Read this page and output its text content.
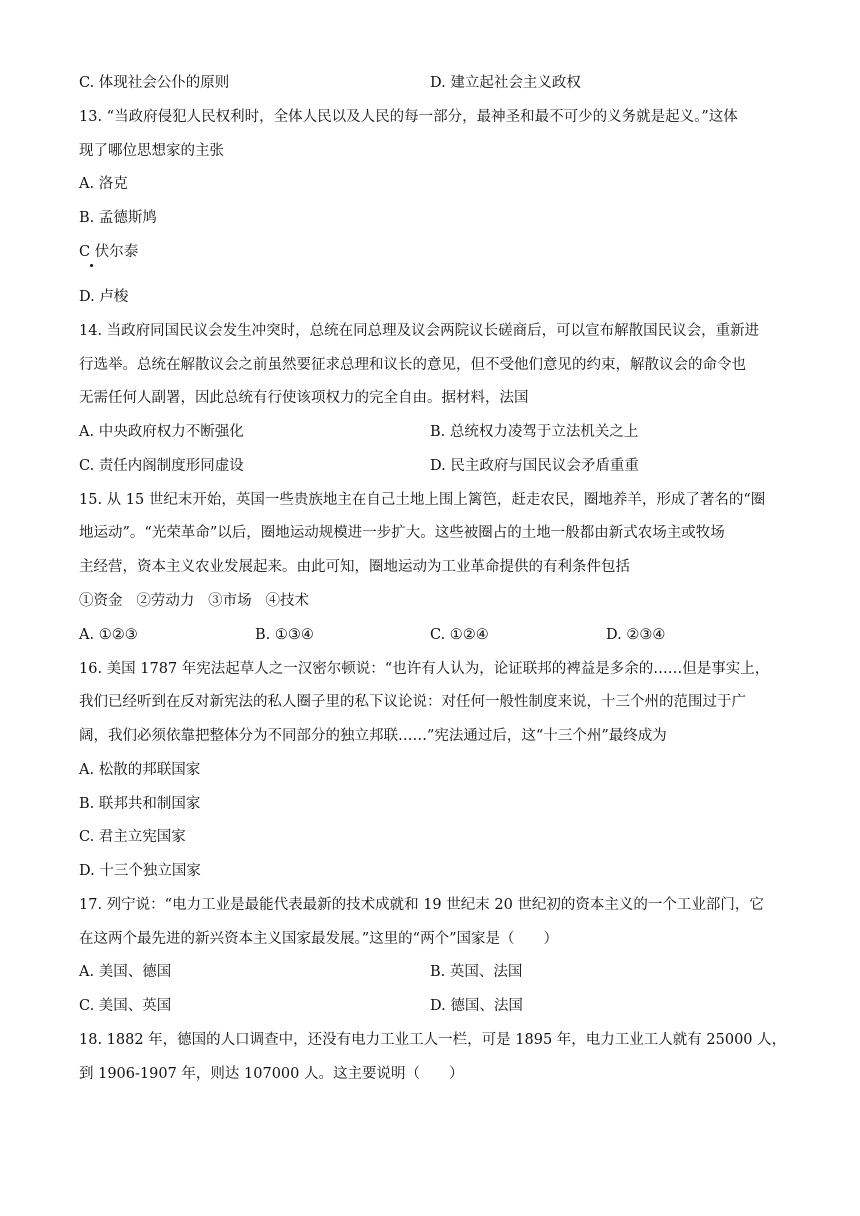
C. 体现社会公仆的原则	D. 建立起社会主义政权
13. “当政府侵犯人民权利时，全体人民以及人民的每一部分，最神圣和最不可少的义务就是起义。”这体
现了哪位思想家的主张
A. 洛克
B. 孟德斯鸠
C 伏尔泰
D. 卢梭
14. 当政府同国民议会发生冲突时，总统在同总理及议会两院议长磋商后，可以宣布解散国民议会，重新进
行选举。总统在解散议会之前虽然要征求总理和议长的意见，但不受他们意见的约束，解散议会的命令也
无需任何人副署，因此总统有行使该项权力的完全自由。据材料，法国
A. 中央政府权力不断强化	B. 总统权力凌驾于立法机关之上
C. 责任内阁制度形同虚设	D. 民主政府与国民议会矛盾重重
15. 从 15 世纪末开始，英国一些贵族地主在自己土地上围上篱笆，赶走农民，圈地养羊，形成了著名的“圈
地运动”。“光荣革命”以后，圈地运动规模进一步扩大。这些被圈占的土地一般都由新式农场主或牧场
主经营，资本主义农业发展起来。由此可知，圈地运动为工业革命提供的有利条件包括
①资金   ②劳动力   ③市场   ④技术
A. ①②③	B. ①③④	C. ①②④	D. ②③④
16. 美国 1787 年宪法起草人之一汉密尔顿说：“也许有人认为，论证联邦的裨益是多余的……但是事实上，
我们已经听到在反对新宪法的私人圈子里的私下议论说：对任何一般性制度来说，十三个州的范围过于广
阔，我们必须依靠把整体分为不同部分的独立邦联……”宪法通过后，这“十三个州”最终成为
A. 松散的邦联国家
B. 联邦共和制国家
C. 君主立宪国家
D. 十三个独立国家
17. 列宁说：“电力工业是最能代表最新的技术成就和 19 世纪末 20 世纪初的资本主义的一个工业部门，它
在这两个最先进的新兴资本主义国家最发展。”这里的“两个”国家是（　　）
A. 美国、德国	B. 英国、法国
C. 美国、英国	D. 德国、法国
18. 1882 年，德国的人口调查中，还没有电力工业工人一栏，可是 1895 年，电力工业工人就有 25000 人，
到 1906-1907 年，则达 107000 人。这主要说明（　　）
